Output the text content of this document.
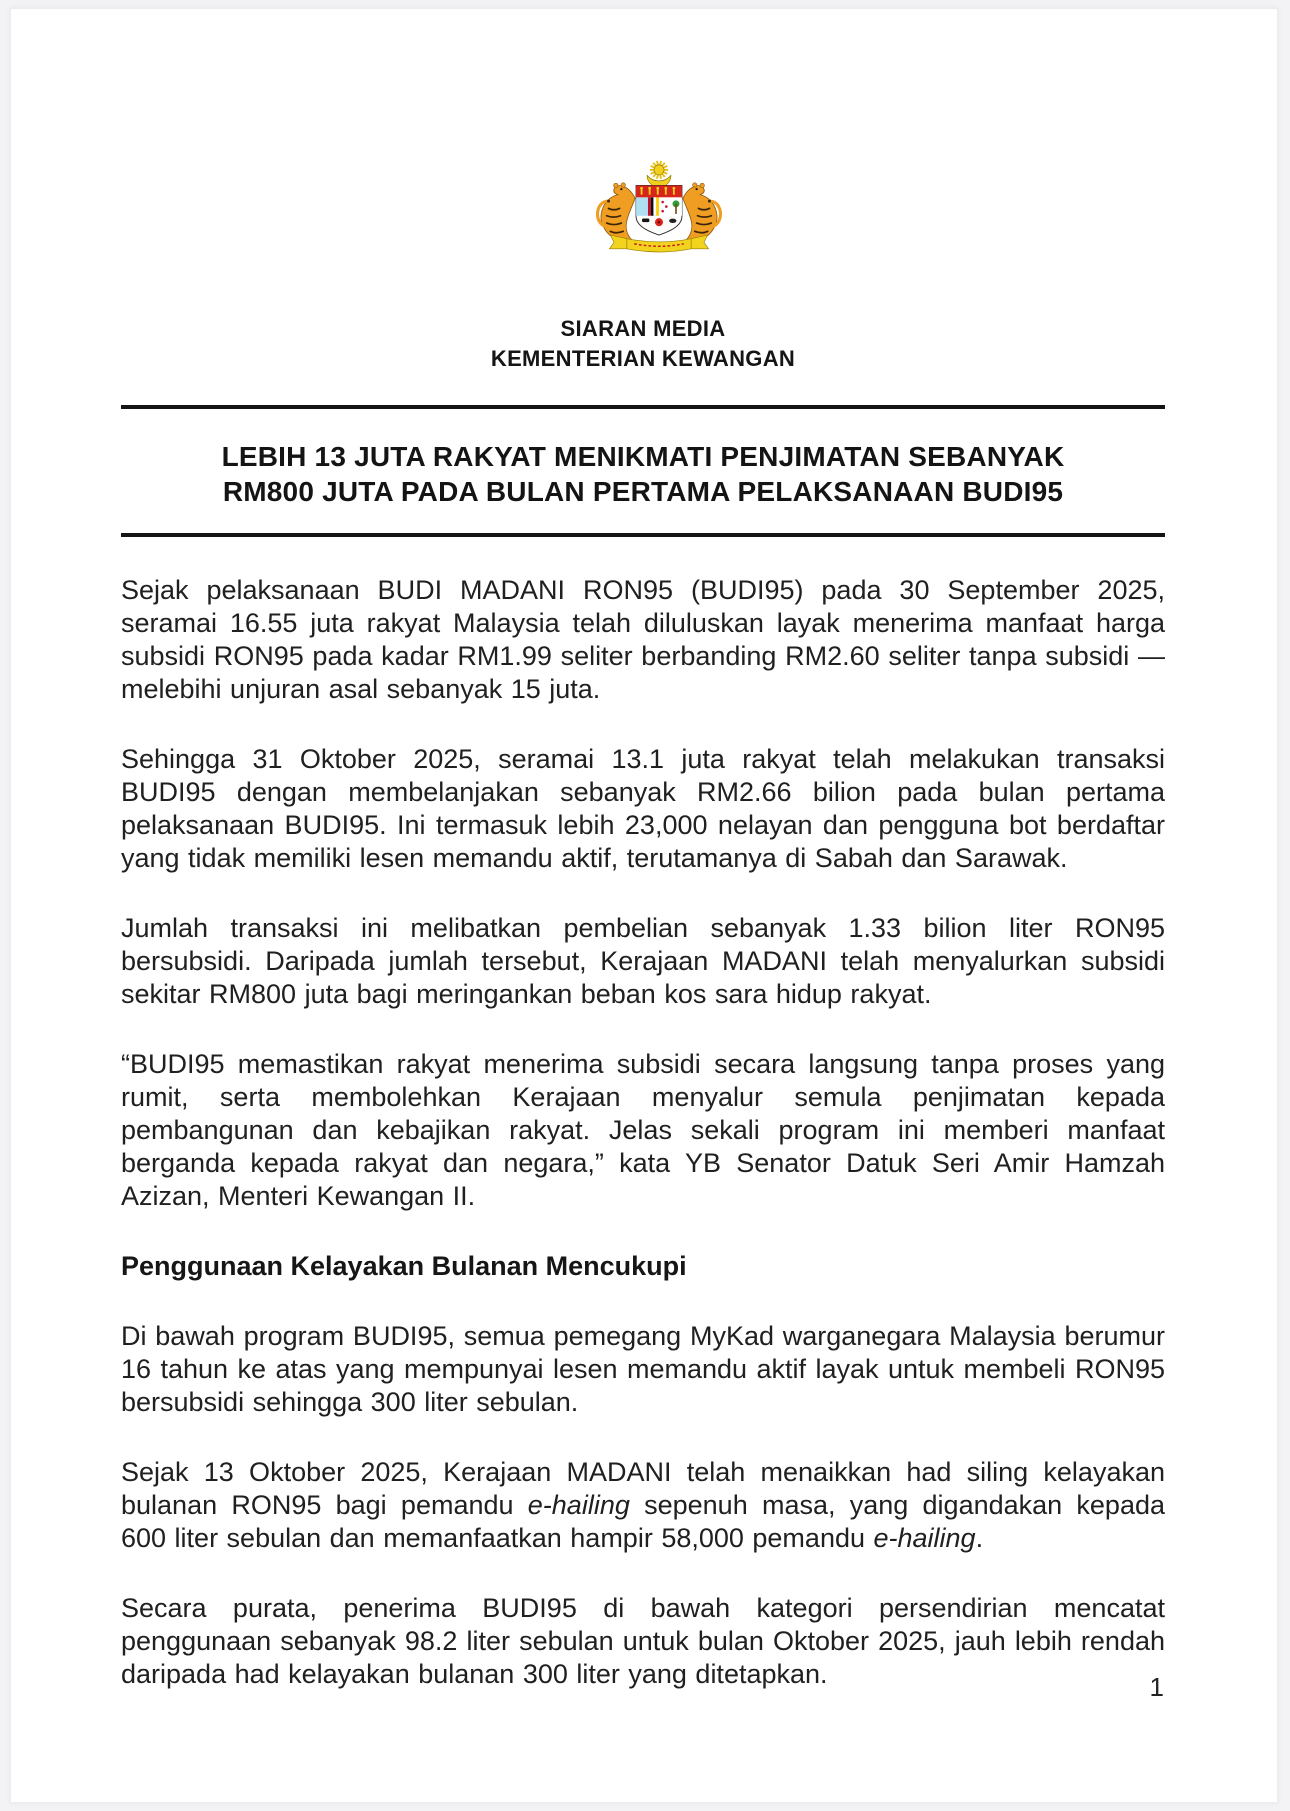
SIARAN MEDIA
KEMENTERIAN KEWANGAN
LEBIH 13 JUTA RAKYAT MENIKMATI PENJIMATAN SEBANYAK
RM800 JUTA PADA BULAN PERTAMA PELAKSANAAN BUDI95

Sejak pelaksanaan BUDI MADANI RON95 (BUDI95) pada 30 September 2025, seramai 16.55 juta rakyat Malaysia telah diluluskan layak menerima manfaat harga subsidi RON95 pada kadar RM1.99 seliter berbanding RM2.60 seliter tanpa subsidi — melebihi unjuran asal sebanyak 15 juta.

Sehingga 31 Oktober 2025, seramai 13.1 juta rakyat telah melakukan transaksi BUDI95 dengan membelanjakan sebanyak RM2.66 bilion pada bulan pertama pelaksanaan BUDI95. Ini termasuk lebih 23,000 nelayan dan pengguna bot berdaftar yang tidak memiliki lesen memandu aktif, terutamanya di Sabah dan Sarawak.

Jumlah transaksi ini melibatkan pembelian sebanyak 1.33 bilion liter RON95 bersubsidi. Daripada jumlah tersebut, Kerajaan MADANI telah menyalurkan subsidi sekitar RM800 juta bagi meringankan beban kos sara hidup rakyat.

“BUDI95 memastikan rakyat menerima subsidi secara langsung tanpa proses yang rumit, serta membolehkan Kerajaan menyalur semula penjimatan kepada pembangunan dan kebajikan rakyat. Jelas sekali program ini memberi manfaat berganda kepada rakyat dan negara,” kata YB Senator Datuk Seri Amir Hamzah Azizan, Menteri Kewangan II.

Penggunaan Kelayakan Bulanan Mencukupi

Di bawah program BUDI95, semua pemegang MyKad warganegara Malaysia berumur 16 tahun ke atas yang mempunyai lesen memandu aktif layak untuk membeli RON95 bersubsidi sehingga 300 liter sebulan.

Sejak 13 Oktober 2025, Kerajaan MADANI telah menaikkan had siling kelayakan bulanan RON95 bagi pemandu e-hailing sepenuh masa, yang digandakan kepada 600 liter sebulan dan memanfaatkan hampir 58,000 pemandu e-hailing.

Secara purata, penerima BUDI95 di bawah kategori persendirian mencatat penggunaan sebanyak 98.2 liter sebulan untuk bulan Oktober 2025, jauh lebih rendah daripada had kelayakan bulanan 300 liter yang ditetapkan.	1
